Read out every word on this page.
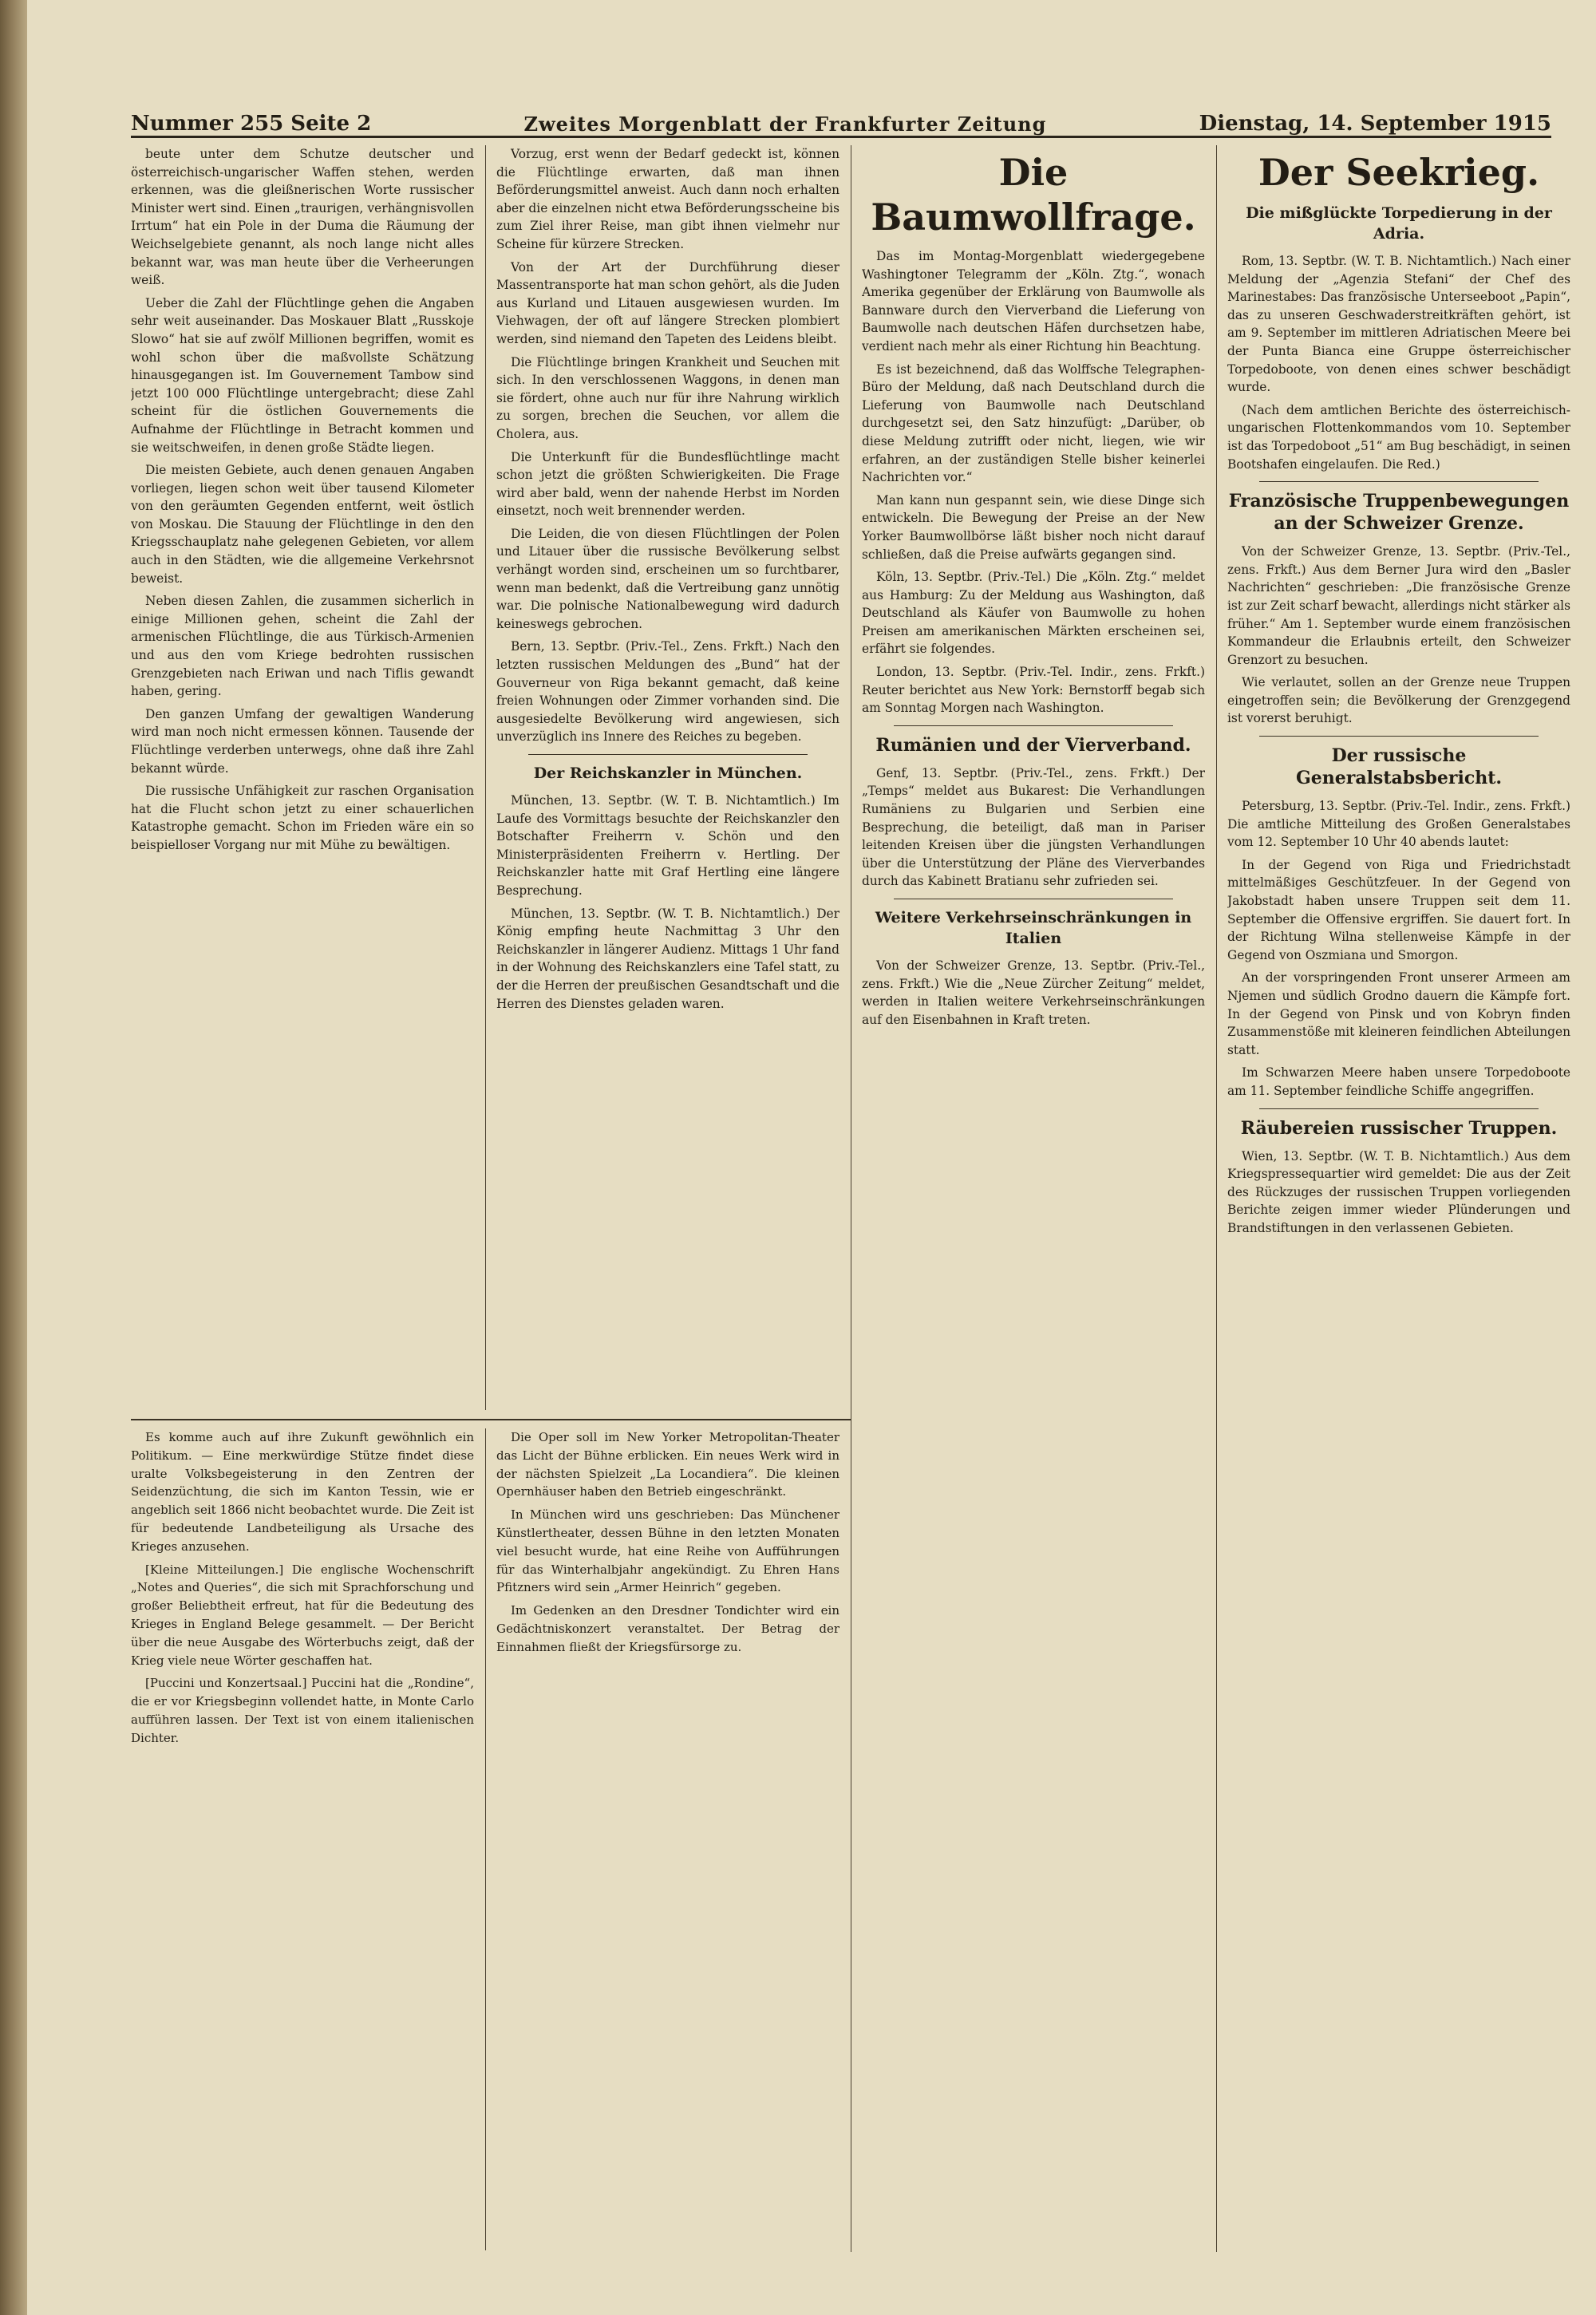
Nummer 255 Seite 2	Zweites Morgenblatt der Frankfurter Zeitung	Dienstag, 14. September 1915

beute unter dem Schutze deutscher und österreichisch-ungarischer Waffen stehen, werden erkennen, was die gleißnerischen Worte russischer Minister wert sind. Einen „traurigen, verhängnisvollen Irrtum“ hat ein Pole in der Duma die Räumung der Weichselgebiete genannt, als noch lange nicht alles bekannt war, was man heute über die Verheerungen weiß.

Ueber die Zahl der Flüchtlinge gehen die Angaben sehr weit auseinander. Das Moskauer Blatt „Russkoje Slowo“ hat sie auf zwölf Millionen begriffen, womit es wohl schon über die maßvollste Schätzung hinausgegangen ist. Im Gouvernement Tambow sind jetzt 100 000 Flüchtlinge untergebracht; diese Zahl scheint für die östlichen Gouvernements die Aufnahme der Flüchtlinge in Betracht kommen und sie weitschweifen, in denen große Städte liegen.

Die meisten Gebiete, auch denen genauen Angaben vorliegen, liegen schon weit über tausend Kilometer von den geräumten Gegenden entfernt, weit östlich von Moskau. Die Stauung der Flüchtlinge in den den Kriegsschauplatz nahe gelegenen Gebieten, vor allem auch in den Städten, wie die allgemeine Verkehrsnot beweist.

Neben diesen Zahlen, die zusammen sicherlich in einige Millionen gehen, scheint die Zahl der armenischen Flüchtlinge, die aus Türkisch-Armenien und aus den vom Kriege bedrohten russischen Grenzgebieten nach Eriwan und nach Tiflis gewandt haben, gering.

Den ganzen Umfang der gewaltigen Wanderung wird man noch nicht ermessen können. Tausende der Flüchtlinge verderben unterwegs, ohne daß ihre Zahl bekannt würde.

Die russische Unfähigkeit zur raschen Organisation hat die Flucht schon jetzt zu einer schauerlichen Katastrophe gemacht. Schon im Frieden wäre ein so beispielloser Vorgang nur mit Mühe zu bewältigen.

Vorzug, erst wenn der Bedarf gedeckt ist, können die Flüchtlinge erwarten, daß man ihnen Beförderungsmittel anweist. Auch dann noch erhalten aber die einzelnen nicht etwa Beförderungsscheine bis zum Ziel ihrer Reise, man gibt ihnen vielmehr nur Scheine für kürzere Strecken.

Von der Art der Durchführung dieser Massentransporte hat man schon gehört, als die Juden aus Kurland und Litauen ausgewiesen wurden. Im Viehwagen, der oft auf längere Strecken plombiert werden, sind niemand den Tapeten des Leidens bleibt.

Die Flüchtlinge bringen Krankheit und Seuchen mit sich. In den verschlossenen Waggons, in denen man sie fördert, ohne auch nur für ihre Nahrung wirklich zu sorgen, brechen die Seuchen, vor allem die Cholera, aus.

Die Unterkunft für die Bundesflüchtlinge macht schon jetzt die größten Schwierigkeiten. Die Frage wird aber bald, wenn der nahende Herbst im Norden einsetzt, noch weit brennender werden.

Die Leiden, die von diesen Flüchtlingen der Polen und Litauer über die russische Bevölkerung selbst verhängt worden sind, erscheinen um so furchtbarer, wenn man bedenkt, daß die Vertreibung ganz unnötig war. Die polnische Nationalbewegung wird dadurch keineswegs gebrochen.

Bern, 13. Septbr. (Priv.-Tel., Zens. Frkft.) Nach den letzten russischen Meldungen des „Bund“ hat der Gouverneur von Riga bekannt gemacht, daß keine freien Wohnungen oder Zimmer vorhanden sind. Die ausgesiedelte Bevölkerung wird angewiesen, sich unverzüglich ins Innere des Reiches zu begeben.

Der Reichskanzler in München.

München, 13. Septbr. (W. T. B. Nichtamtlich.) Im Laufe des Vormittags besuchte der Reichskanzler den Botschafter Freiherrn v. Schön und den Ministerpräsidenten Freiherrn v. Hertling. Der Reichskanzler hatte mit Graf Hertling eine längere Besprechung.

München, 13. Septbr. (W. T. B. Nichtamtlich.) Der König empfing heute Nachmittag 3 Uhr den Reichskanzler in längerer Audienz. Mittags 1 Uhr fand in der Wohnung des Reichskanzlers eine Tafel statt, zu der die Herren der preußischen Gesandtschaft und die Herren des Dienstes geladen waren.

Es komme auch auf ihre Zukunft gewöhnlich ein Politikum. — Eine merkwürdige Stütze findet diese uralte Volksbegeisterung in den Zentren der Seidenzüchtung, die sich im Kanton Tessin, wie er angeblich seit 1866 nicht beobachtet wurde. Die Zeit ist für bedeutende Landbeteiligung als Ursache des Krieges anzusehen.

[Kleine Mitteilungen.] Die englische Wochenschrift „Notes and Queries“, die sich mit Sprachforschung und großer Beliebtheit erfreut, hat für die Bedeutung des Krieges in England Belege gesammelt. — Der Bericht über die neue Ausgabe des Wörterbuchs zeigt, daß der Krieg viele neue Wörter geschaffen hat.

[Puccini und Konzertsaal.] Puccini hat die „Rondine“, die er vor Kriegsbeginn vollendet hatte, in Monte Carlo aufführen lassen. Der Text ist von einem italienischen Dichter.

Die Oper soll im New Yorker Metropolitan-Theater das Licht der Bühne erblicken. Ein neues Werk wird in der nächsten Spielzeit „La Locandiera“. Die kleinen Opernhäuser haben den Betrieb eingeschränkt.

In München wird uns geschrieben: Das Münchener Künstlertheater, dessen Bühne in den letzten Monaten viel besucht wurde, hat eine Reihe von Aufführungen für das Winterhalbjahr angekündigt. Zu Ehren Hans Pfitzners wird sein „Armer Heinrich“ gegeben.

Im Gedenken an den Dresdner Tondichter wird ein Gedächtniskonzert veranstaltet. Der Betrag der Einnahmen fließt der Kriegsfürsorge zu.

Die Baumwollfrage.

Das im Montag-Morgenblatt wiedergegebene Washingtoner Telegramm der „Köln. Ztg.“, wonach Amerika gegenüber der Erklärung von Baumwolle als Bannware durch den Vierverband die Lieferung von Baumwolle nach deutschen Häfen durchsetzen habe, verdient nach mehr als einer Richtung hin Beachtung.

Es ist bezeichnend, daß das Wolffsche Telegraphen-Büro der Meldung, daß nach Deutschland durch die Lieferung von Baumwolle nach Deutschland durchgesetzt sei, den Satz hinzufügt: „Darüber, ob diese Meldung zutrifft oder nicht, liegen, wie wir erfahren, an der zuständigen Stelle bisher keinerlei Nachrichten vor.“

Man kann nun gespannt sein, wie diese Dinge sich entwickeln. Die Bewegung der Preise an der New Yorker Baumwollbörse läßt bisher noch nicht darauf schließen, daß die Preise aufwärts gegangen sind.

Köln, 13. Septbr. (Priv.-Tel.) Die „Köln. Ztg.“ meldet aus Hamburg: Zu der Meldung aus Washington, daß Deutschland als Käufer von Baumwolle zu hohen Preisen am amerikanischen Märkten erscheinen sei, erfährt sie folgendes.

London, 13. Septbr. (Priv.-Tel. Indir., zens. Frkft.) Reuter berichtet aus New York: Bernstorff begab sich am Sonntag Morgen nach Washington.

Rumänien und der Vierverband.

Genf, 13. Septbr. (Priv.-Tel., zens. Frkft.) Der „Temps“ meldet aus Bukarest: Die Verhandlungen Rumäniens zu Bulgarien und Serbien eine Besprechung, die beteiligt, daß man in Pariser leitenden Kreisen über die jüngsten Verhandlungen über die Unterstützung der Pläne des Vierverbandes durch das Kabinett Bratianu sehr zufrieden sei.

Weitere Verkehrseinschränkungen in Italien

Von der Schweizer Grenze, 13. Septbr. (Priv.-Tel., zens. Frkft.) Wie die „Neue Zürcher Zeitung“ meldet, werden in Italien weitere Verkehrseinschränkungen auf den Eisenbahnen in Kraft treten.

Der Seekrieg.
Die mißglückte Torpedierung in der Adria.

Rom, 13. Septbr. (W. T. B. Nichtamtlich.) Nach einer Meldung der „Agenzia Stefani“ der Chef des Marinestabes: Das französische Unterseeboot „Papin“, das zu unseren Geschwaderstreitkräften gehört, ist am 9. September im mittleren Adriatischen Meere bei der Punta Bianca eine Gruppe österreichischer Torpedoboote, von denen eines schwer beschädigt wurde.

(Nach dem amtlichen Berichte des österreichisch-ungarischen Flottenkommandos vom 10. September ist das Torpedoboot „51“ am Bug beschädigt, in seinen Bootshafen eingelaufen. Die Red.)

Französische Truppenbewegungen an der Schweizer Grenze.

Von der Schweizer Grenze, 13. Septbr. (Priv.-Tel., zens. Frkft.) Aus dem Berner Jura wird den „Basler Nachrichten“ geschrieben: „Die französische Grenze ist zur Zeit scharf bewacht, allerdings nicht stärker als früher.“ Am 1. September wurde einem französischen Kommandeur die Erlaubnis erteilt, den Schweizer Grenzort zu besuchen.

Wie verlautet, sollen an der Grenze neue Truppen eingetroffen sein; die Bevölkerung der Grenzgegend ist vorerst beruhigt.

Der russische Generalstabsbericht.

Petersburg, 13. Septbr. (Priv.-Tel. Indir., zens. Frkft.) Die amtliche Mitteilung des Großen Generalstabes vom 12. September 10 Uhr 40 abends lautet:

In der Gegend von Riga und Friedrichstadt mittelmäßiges Geschützfeuer. In der Gegend von Jakobstadt haben unsere Truppen seit dem 11. September die Offensive ergriffen. Sie dauert fort. In der Richtung Wilna stellenweise Kämpfe in der Gegend von Oszmiana und Smorgon.

An der vorspringenden Front unserer Armeen am Njemen und südlich Grodno dauern die Kämpfe fort. In der Gegend von Pinsk und von Kobryn finden Zusammenstöße mit kleineren feindlichen Abteilungen statt.

Im Schwarzen Meere haben unsere Torpedoboote am 11. September feindliche Schiffe angegriffen.

Räubereien russischer Truppen.

Wien, 13. Septbr. (W. T. B. Nichtamtlich.) Aus dem Kriegspressequartier wird gemeldet: Die aus der Zeit des Rückzuges der russischen Truppen vorliegenden Berichte zeigen immer wieder Plünderungen und Brandstiftungen in den verlassenen Gebieten.
